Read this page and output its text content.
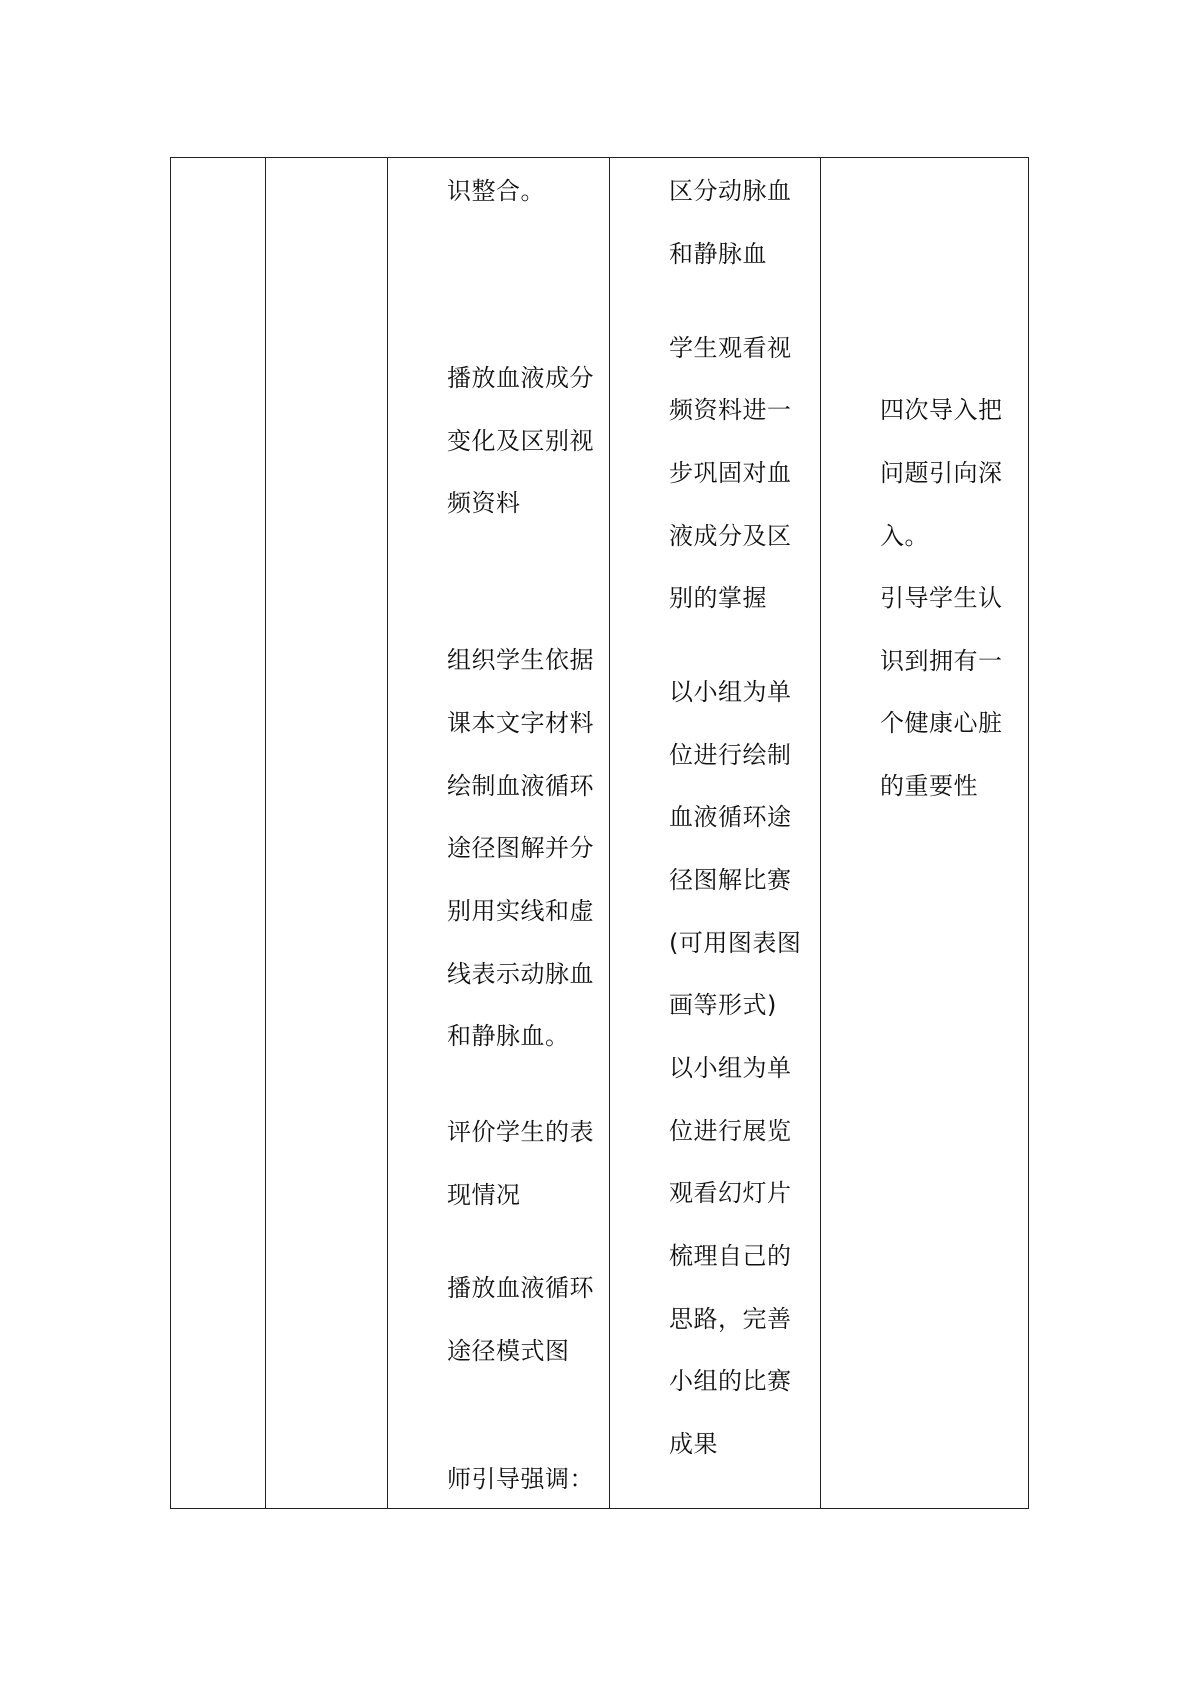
识整合。
播放血液成分
变化及区别视
频资料
组织学生依据
课本文字材料
绘制血液循环
途径图解并分
别用实线和虚
线表示动脉血
和静脉血。
评价学生的表
现情况
播放血液循环
途径模式图
师引导强调：
区分动脉血
和静脉血
学生观看视
频资料进一
步巩固对血
液成分及区
别的掌握
以小组为单
位进行绘制
血液循环途
径图解比赛
(可用图表图
画等形式)
以小组为单
位进行展览
观看幻灯片
梳理自己的
思路，完善
小组的比赛
成果
四次导入把
问题引向深
入。
引导学生认
识到拥有一
个健康心脏
的重要性
